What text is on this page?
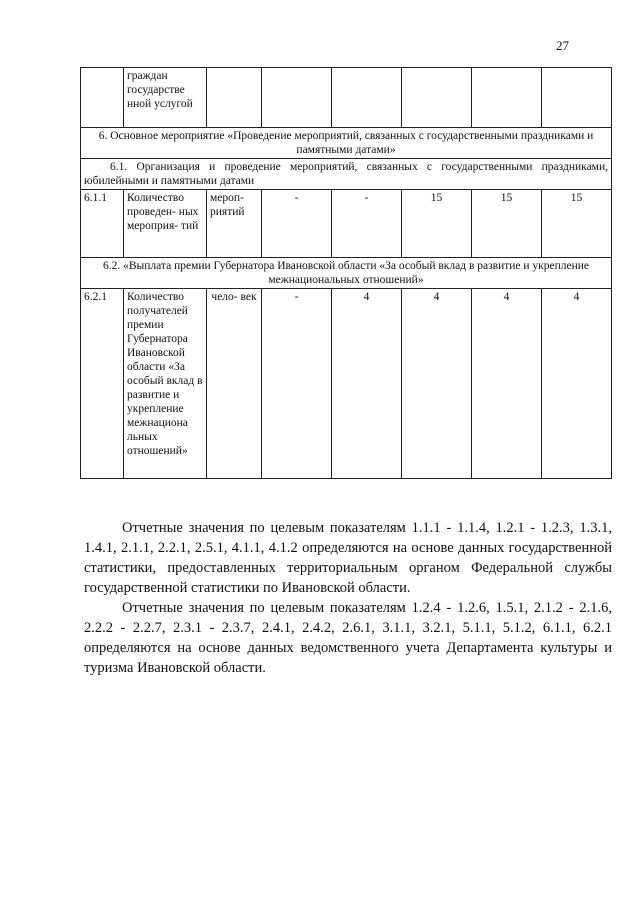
27
	граждан государстве нной услугой						
6. Основное мероприятие «Проведение мероприятий, связанных с государственными праздниками и памятными датами»							
6.1. Организация и проведение мероприятий, связанных с государственными праздниками, юбилейными и памятными датами							
6.1.1	Количество проведен- ных мероприя- тий	мероп- риятий	-	-	15	15	15
6.2. «Выплата премии Губернатора Ивановской области «За особый вклад в развитие и укрепление межнациональных отношений»							
6.2.1	Количество получателей премии Губернатора Ивановской области «За особый вклад в развитие и укрепление межнациона льных отношений»	чело- век	-	4	4	4	4

Отчетные значения по целевым показателям 1.1.1 - 1.1.4, 1.2.1 - 1.2.3, 1.3.1, 1.4.1, 2.1.1, 2.2.1, 2.5.1, 4.1.1, 4.1.2 определяются на основе данных государственной статистики, предоставленных территориальным органом Федеральной службы государственной статистики по Ивановской области.

Отчетные значения по целевым показателям 1.2.4 - 1.2.6, 1.5.1, 2.1.2 - 2.1.6, 2.2.2 - 2.2.7, 2.3.1 - 2.3.7, 2.4.1, 2.4.2, 2.6.1, 3.1.1, 3.2.1, 5.1.1, 5.1.2, 6.1.1, 6.2.1 определяются на основе данных ведомственного учета Департамента культуры и туризма Ивановской области.
